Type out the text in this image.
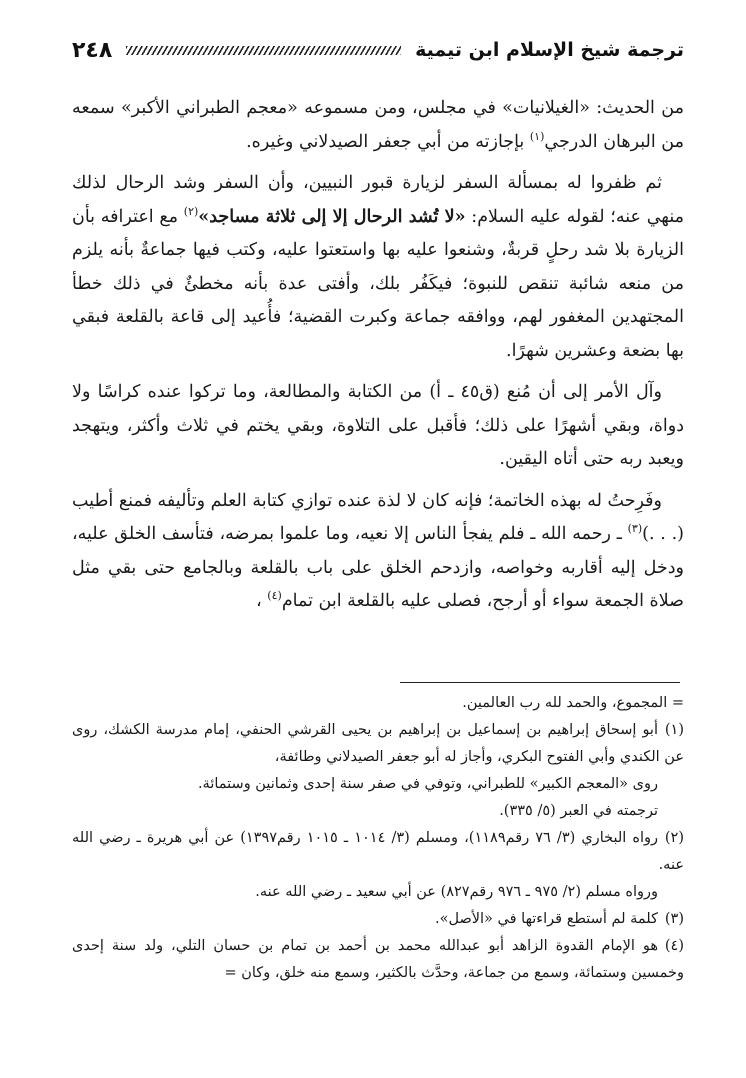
ترجمة شيخ الإسلام ابن تيمية
٢٤٨

من الحديث: «الغيلانيات» في مجلس، ومن مسموعه «معجم الطبراني الأكبر» سمعه من البرهان الدرجي$^{(١)}$ بإجازته من أبي جعفر الصيدلاني وغيره.

ثم ظفروا له بمسألة السفر لزيارة قبور النبيين، وأن السفر وشد الرحال لذلك منهي عنه؛ لقوله عليه السلام: «لا تُشد الرحال إلا إلى ثلاثة مساجد»$^{(٢)}$ مع اعترافه بأن الزيارة بلا شد رحلٍ قربةٌ، وشنعوا عليه بها واستعتوا عليه، وكتب فيها جماعةٌ بأنه يلزم من منعه شائبة تنقص للنبوة؛ فيكَفُر بلك، وأفتى عدة بأنه مخطئٌ في ذلك خطأ المجتهدين المغفور لهم، ووافقه جماعة وكبرت القضية؛ فأُعيد إلى قاعة بالقلعة فبقي بها بضعة وعشرين شهرًا.

وآل الأمر إلى أن مُنع (ق٤٥ ـ أ) من الكتابة والمطالعة، وما تركوا عنده كراسًا ولا دواة، وبقي أشهرًا على ذلك؛ فأقبل على التلاوة، وبقي يختم في ثلاث وأكثر، ويتهجد ويعبد ربه حتى أتاه اليقين.

وفَرِحتُ له بهذه الخاتمة؛ فإنه كان لا لذة عنده توازي كتابة العلم وتأليفه فمنع أطيب (. . .)$^{(٣)}$ ـ رحمه الله ـ فلم يفجأ الناس إلا نعيه، وما علموا بمرضه، فتأسف الخلق عليه، ودخل إليه أقاربه وخواصه، وازدحم الخلق على باب بالقلعة وبالجامع حتى بقي مثل صلاة الجمعة سواء أو أرجح، فصلى عليه بالقلعة ابن تمام$^{(٤)}$ ،

= المجموع، والحمد لله رب العالمين.

(١)أبو إسحاق إبراهيم بن إسماعيل بن إبراهيم بن يحيى القرشي الحنفي، إمام مدرسة الكشك، روى عن الكندي وأبي الفتوح البكري، وأجاز له أبو جعفر الصيدلاني وطائفة،

روى «المعجم الكبير» للطبراني، وتوفي في صفر سنة إحدى وثمانين وستمائة.

ترجمته في العبر (٥/ ٣٣٥).

(٢)رواه البخاري (٣/ ٧٦ رقم١١٨٩)، ومسلم (٣/ ١٠١٤ ـ ١٠١٥ رقم١٣٩٧) عن أبي هريرة ـ رضي الله عنه.

ورواه مسلم (٢/ ٩٧٥ ـ ٩٧٦ رقم٨٢٧) عن أبي سعيد ـ رضي الله عنه.

(٣)كلمة لم أستطع قراءتها في «الأصل».

(٤)هو الإمام القدوة الزاهد أبو عبدالله محمد بن أحمد بن تمام بن حسان التلي، ولد سنة إحدى وخمسين وستمائة، وسمع من جماعة، وحدَّث بالكثير، وسمع منه خلق، وكان =
